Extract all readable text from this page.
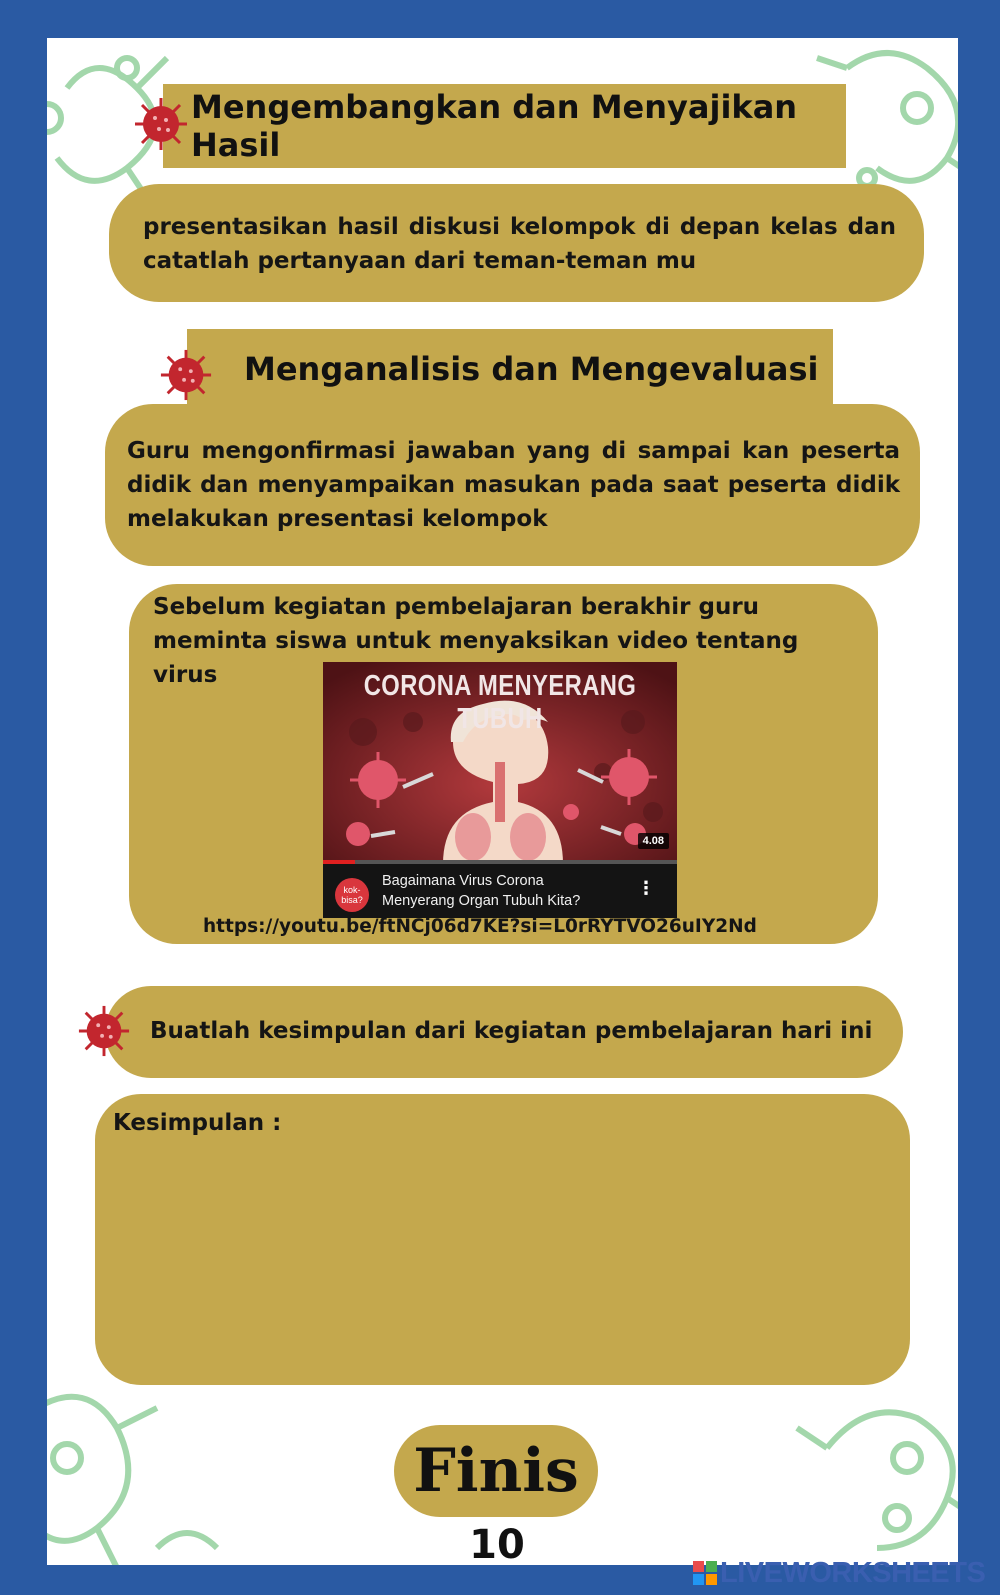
Mengembangkan dan Menyajikan Hasil
presentasikan hasil diskusi kelompok di depan kelas dan catatlah pertanyaan dari teman-teman mu
Menganalisis dan Mengevaluasi
Guru mengonfirmasi jawaban yang di sampai kan peserta didik dan menyampaikan masukan pada saat peserta didik melakukan presentasi kelompok
Sebelum kegiatan pembelajaran berakhir guru meminta siswa untuk menyaksikan video tentang virus	CORONA MENYERANG TUBUH
4.08
kok-bisa?
Bagaimana Virus Corona
Menyerang Organ Tubuh Kita?
⋮
https://youtu.be/ftNCj06d7KE?si=L0rRYTVO26uIY2Nd
Buatlah kesimpulan dari kegiatan pembelajaran hari ini
Kesimpulan :
Finis
10
LIVEWORKSHEETS
